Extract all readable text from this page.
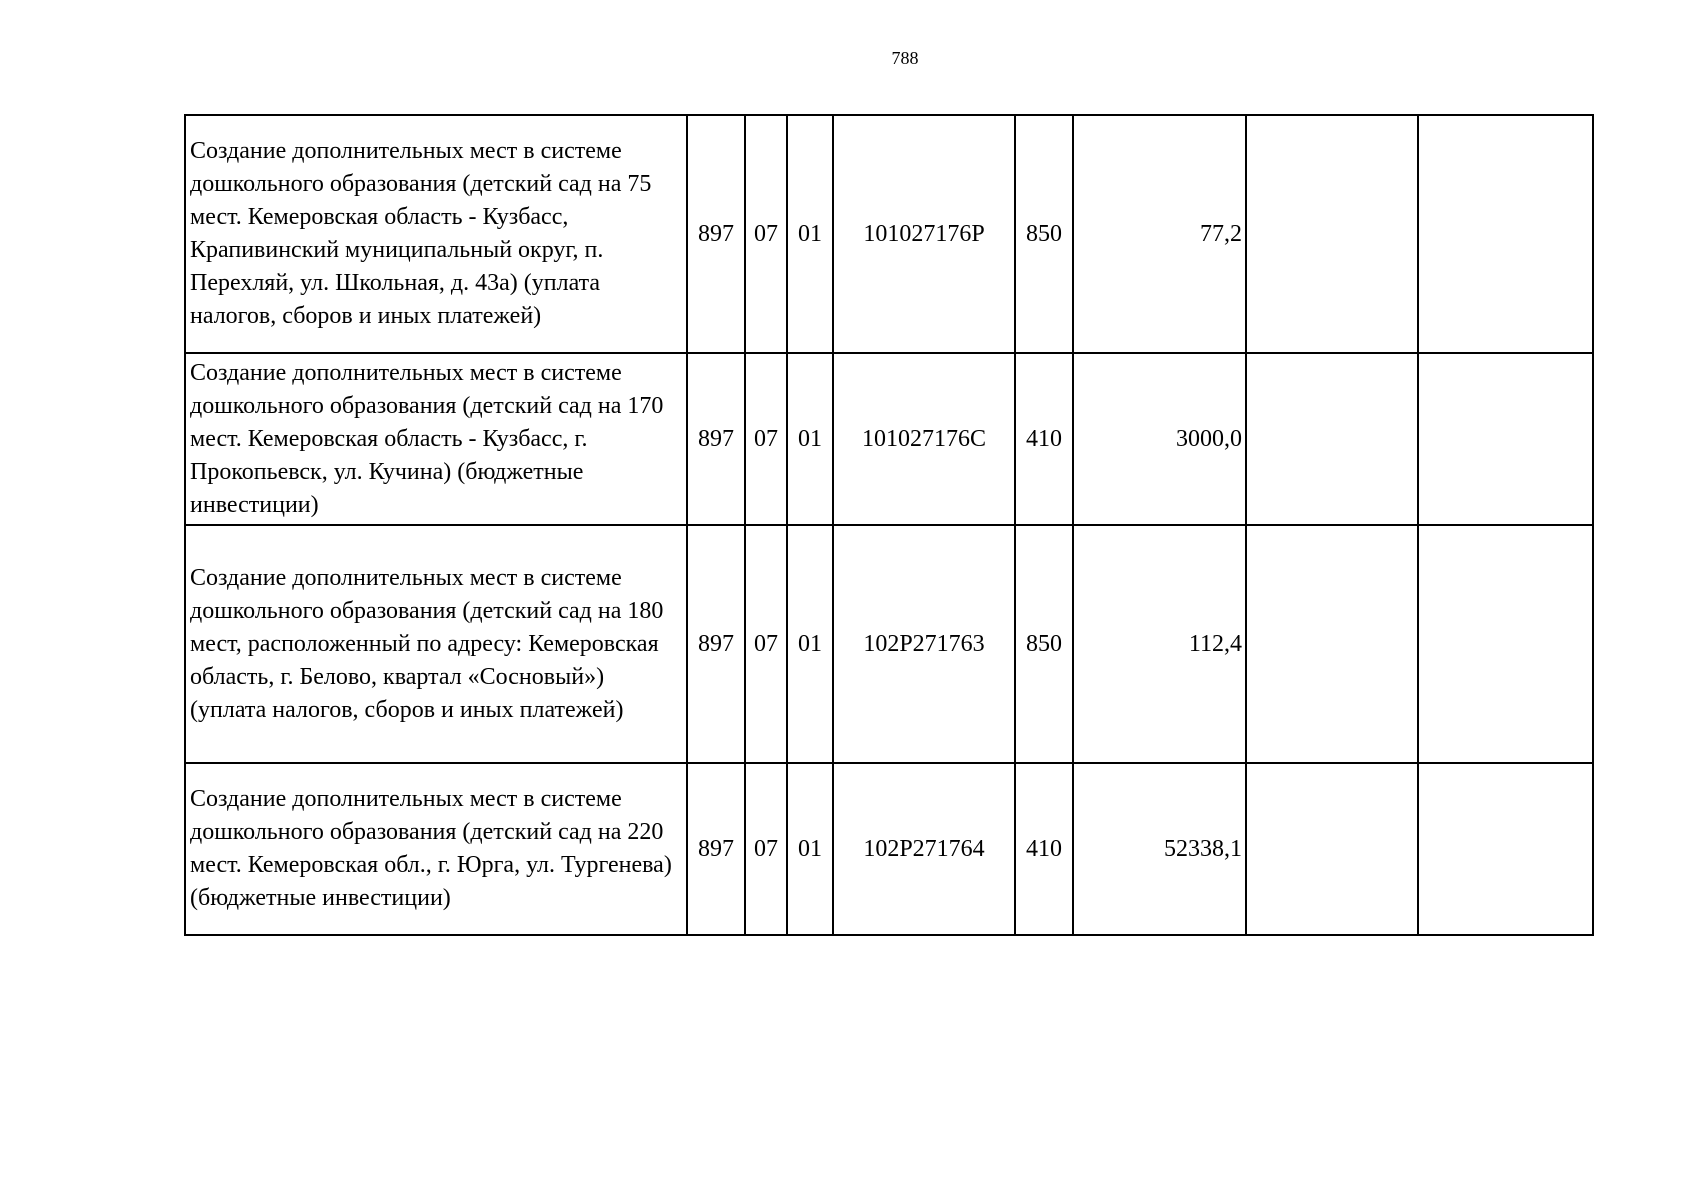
788
Создание дополнительных мест в системе дошкольного образования (детский сад на 75 мест. Кемеровская область - Кузбасс, Крапивинский муниципальный округ, п. Перехляй, ул. Школьная, д. 43а) (уплата налогов, сборов и иных платежей)	897	07	01	101027176Р	850	77,2		

Создание дополнительных мест в системе дошкольного образования (детский сад на 170 мест. Кемеровская область - Кузбасс, г. Прокопьевск, ул. Кучина) (бюджетные инвестиции)	897	07	01	101027176С	410	3000,0		

Создание дополнительных мест в системе дошкольного образования (детский сад на 180 мест, расположенный по адресу: Кемеровская область, г. Белово, квартал «Сосновый») (уплата налогов, сборов и иных платежей)	897	07	01	102Р271763	850	112,4		

Создание дополнительных мест в системе дошкольного образования (детский сад на 220 мест. Кемеровская обл., г. Юрга, ул. Тургенева) (бюджетные инвестиции)	897	07	01	102Р271764	410	52338,1		
